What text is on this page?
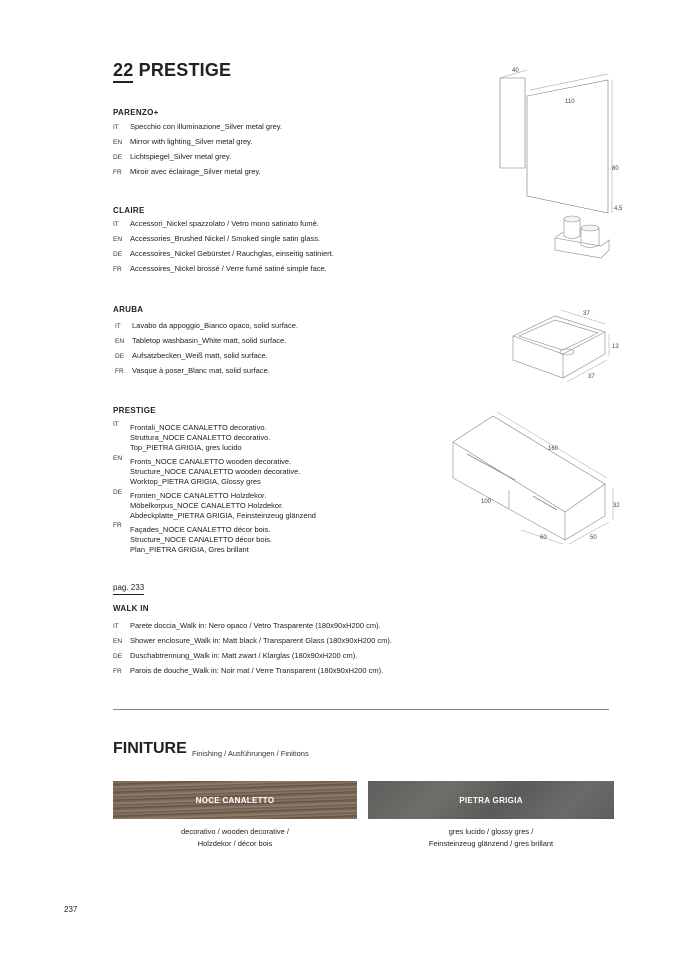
22 PRESTIGE
PARENZO+
IT Specchio con illuminazione_Silver metal grey.
EN Mirror with lighting_Silver metal grey.
DE Lichtspiegel_Silver metal grey.
FR Miroir avec éclairage_Silver metal grey.
40
110
80
4,5
CLAIRE
IT Accessori_Nickel spazzolato / Vetro mono satinato fumè.
EN Accessories_Brushed Nickel / Smoked single satin glass.
DE Accessoires_Nickel Gebürstet / Rauchglas, einseitig satiniert.
FR Accessoires_Nickel brossé / Verre fumé satiné simple face.
ARUBA
IT Lavabo da appoggio_Bianco opaco, solid surface.
EN Tabletop washbasin_White matt, solid surface.
DE Aufsatzbecken_Weiß matt, solid surface.
FR Vasque à poser_Blanc mat, solid surface.
37
13
37
PRESTIGE
IT	Frontali_NOCE CANALETTO decorativo.
Struttura_NOCE CANALETTO decorativo.
Top_PIETRA GRIGIA, gres lucido
EN	Fronts_NOCE CANALETTO wooden decorative.
Structure_NOCE CANALETTO wooden decorative.
Worktop_PIETRA GRIGIA, Glossy gres
DE	Fronten_NOCE CANALETTO Holzdekor.
Möbelkorpus_NOCE CANALETTO Holzdekor.
Abdeckplatte_PIETRA GRIGIA, Feinsteinzeug glänzend
FR	Façades_NOCE CANALETTO décor bois.
Structure_NOCE CANALETTO décor bois.
Plan_PIETRA GRIGIA, Gres brillant
160
100
32
60	50
pag. 233
WALK IN
IT Parete doccia_Walk in: Nero opaco / Vetro Trasparente (180x90xH200 cm).
EN Shower enclosure_Walk in: Matt black / Transparent Glass (180x90xH200 cm).
DE Duschabtrennung_Walk in: Matt zwart / Klarglas (180x90xH200 cm).
FR Parois de douche_Walk in: Noir mat / Verre Transparent (180x90xH200 cm).
FINITURE Finishing / Ausführungen / Finitions
NOCE CANALETTO	PIETRA GRIGIA
decorativo / wooden decorative /
Holzdekor / décor bois
gres lucido / glossy gres /
Feinsteinzeug glänzend / gres brillant
237
